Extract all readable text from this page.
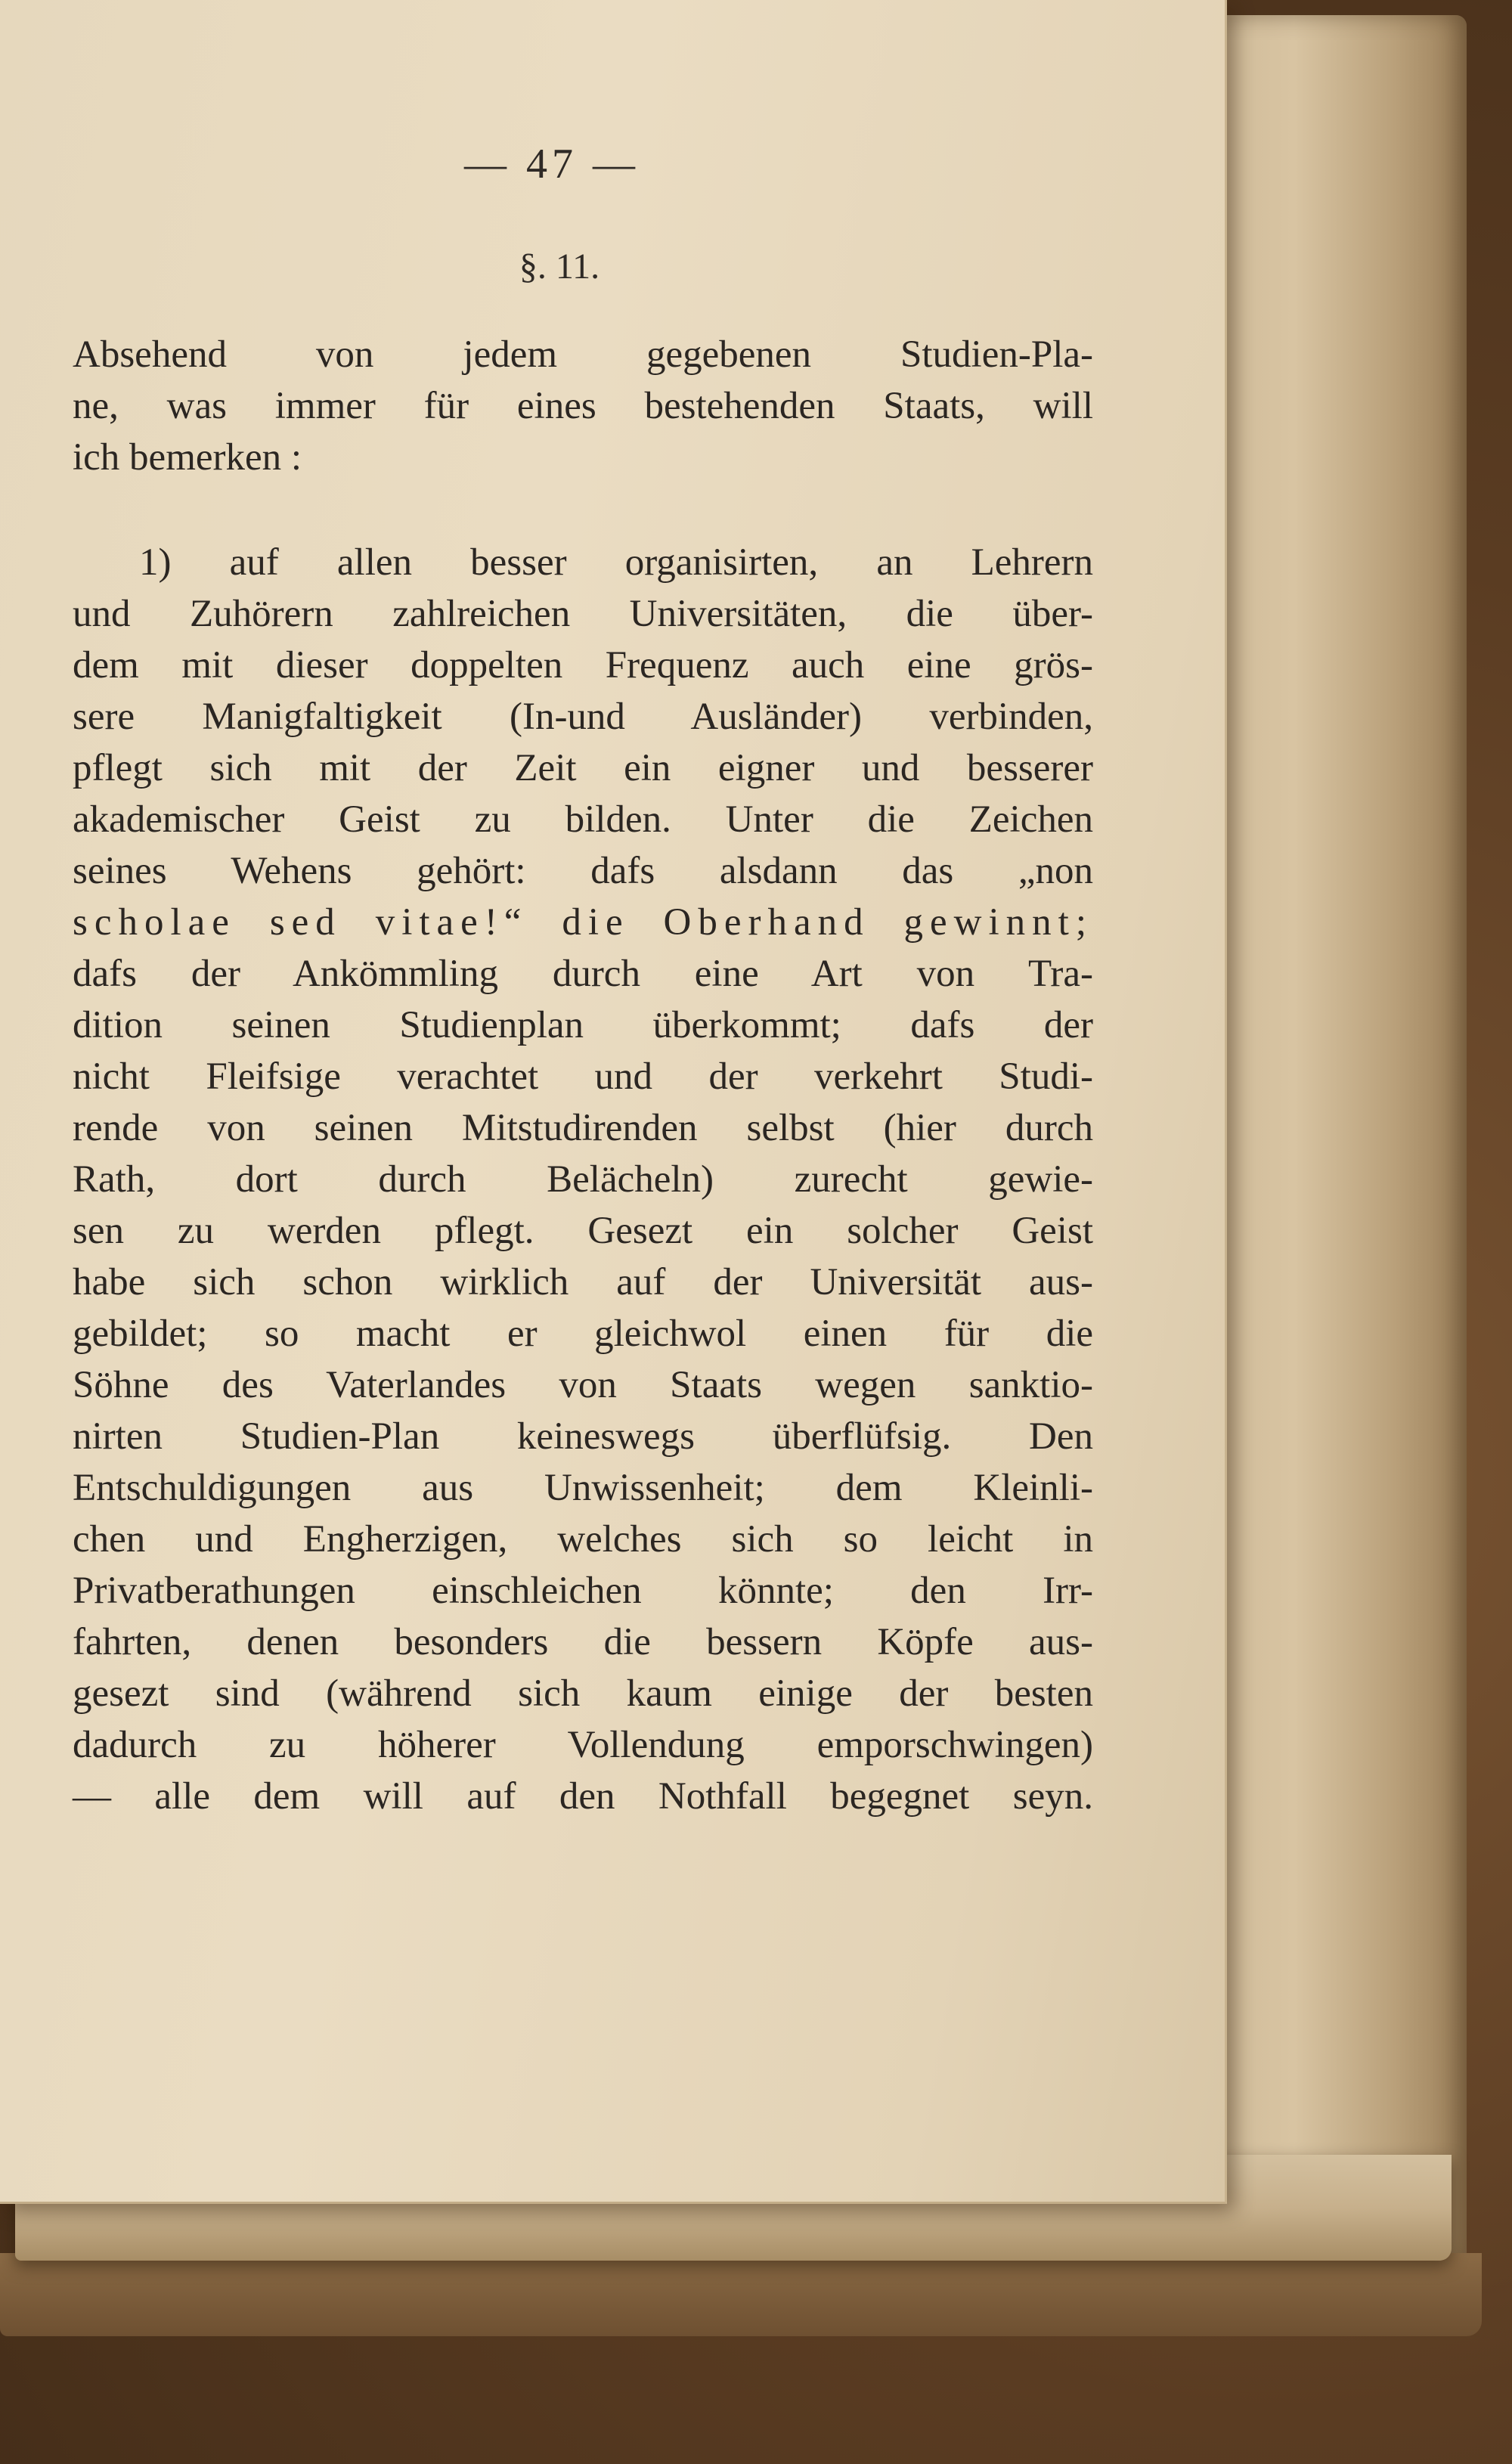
— 47 —
§. 11.
Absehend von jedem gegebenen Studien-Pla-
ne, was immer für eines bestehenden Staats, will
ich bemerken :
1) auf allen besser organisirten, an Lehrern
und Zuhörern zahlreichen Universitäten, die über-
dem mit dieser doppelten Frequenz auch eine grös-
sere Manigfaltigkeit (In-und Ausländer) verbinden,
pflegt sich mit der Zeit ein eigner und besserer
akademischer Geist zu bilden. Unter die Zeichen
seines Wehens gehört: dafs alsdann das „non
scholae sed vitae!“ die Oberhand gewinnt;
dafs der Ankömmling durch eine Art von Tra-
dition seinen Studienplan überkommt; dafs der
nicht Fleifsige verachtet und der verkehrt Studi-
rende von seinen Mitstudirenden selbst (hier durch
Rath, dort durch Belächeln) zurecht gewie-
sen zu werden pflegt. Gesezt ein solcher Geist
habe sich schon wirklich auf der Universität aus-
gebildet; so macht er gleichwol einen für die
Söhne des Vaterlandes von Staats wegen sanktio-
nirten Studien-Plan keineswegs überflüfsig. Den
Entschuldigungen aus Unwissenheit; dem Kleinli-
chen und Engherzigen, welches sich so leicht in
Privatberathungen einschleichen könnte; den Irr-
fahrten, denen besonders die bessern Köpfe aus-
gesezt sind (während sich kaum einige der besten
dadurch zu höherer Vollendung emporschwingen)
— alle dem will auf den Nothfall begegnet seyn.
